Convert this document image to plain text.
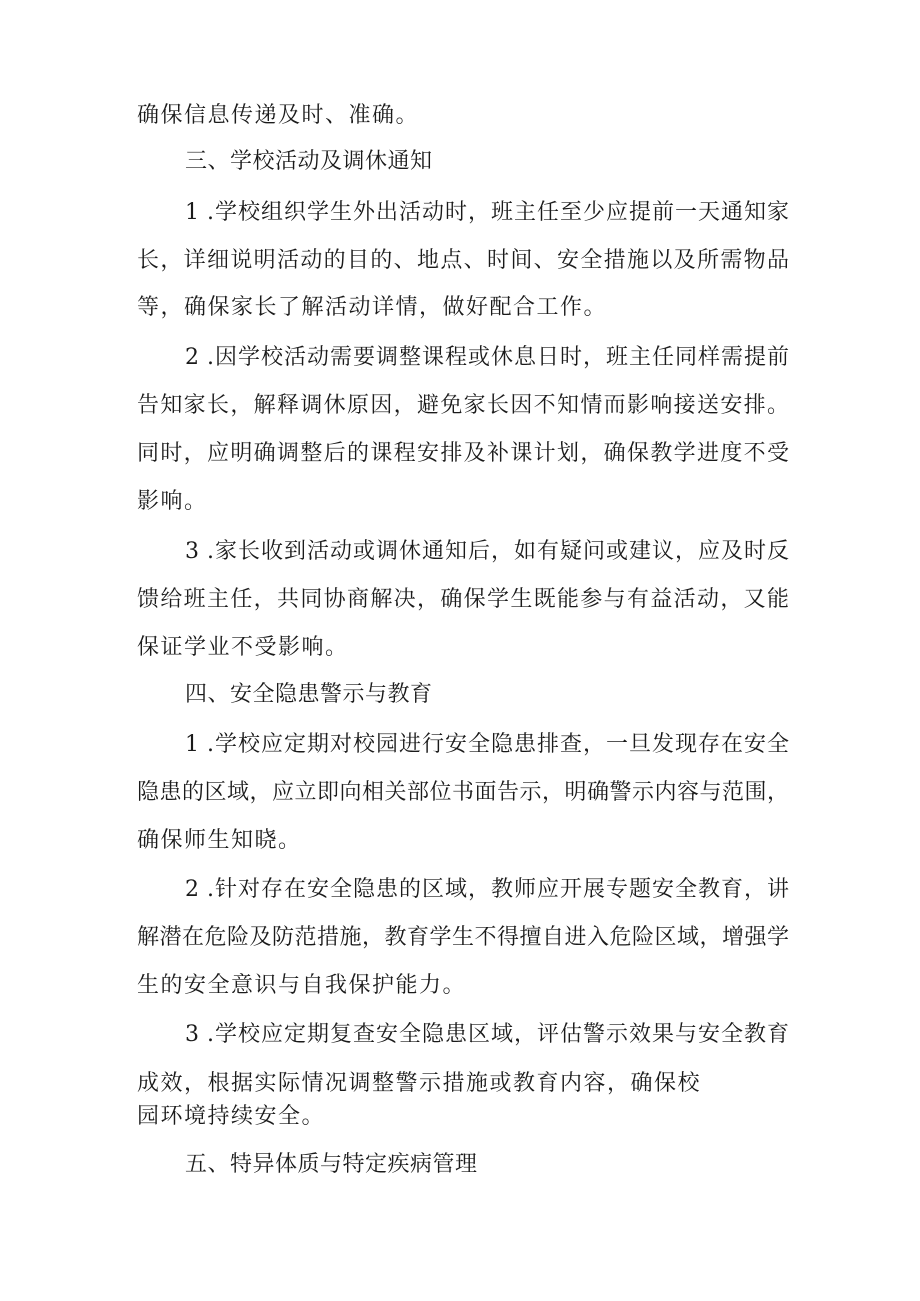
确保信息传递及时、准确。
三、学校活动及调休通知
1 .学校组织学生外出活动时，班主任至少应提前一天通知家
长，详细说明活动的目的、地点、时间、安全措施以及所需物品
等，确保家长了解活动详情，做好配合工作。
2 .因学校活动需要调整课程或休息日时，班主任同样需提前
告知家长，解释调休原因，避免家长因不知情而影响接送安排。
同时，应明确调整后的课程安排及补课计划，确保教学进度不受
影响。
3 .家长收到活动或调休通知后，如有疑问或建议，应及时反
馈给班主任，共同协商解决，确保学生既能参与有益活动，又能
保证学业不受影响。
四、安全隐患警示与教育
1 .学校应定期对校园进行安全隐患排查，一旦发现存在安全
隐患的区域，应立即向相关部位书面告示，明确警示内容与范围，
确保师生知晓。
2 .针对存在安全隐患的区域，教师应开展专题安全教育，讲
解潜在危险及防范措施，教育学生不得擅自进入危险区域，增强学
生的安全意识与自我保护能力。
3 .学校应定期复查安全隐患区域，评估警示效果与安全教育
成效，根据实际情况调整警示措施或教育内容，确保校
园环境持续安全。
五、特异体质与特定疾病管理
